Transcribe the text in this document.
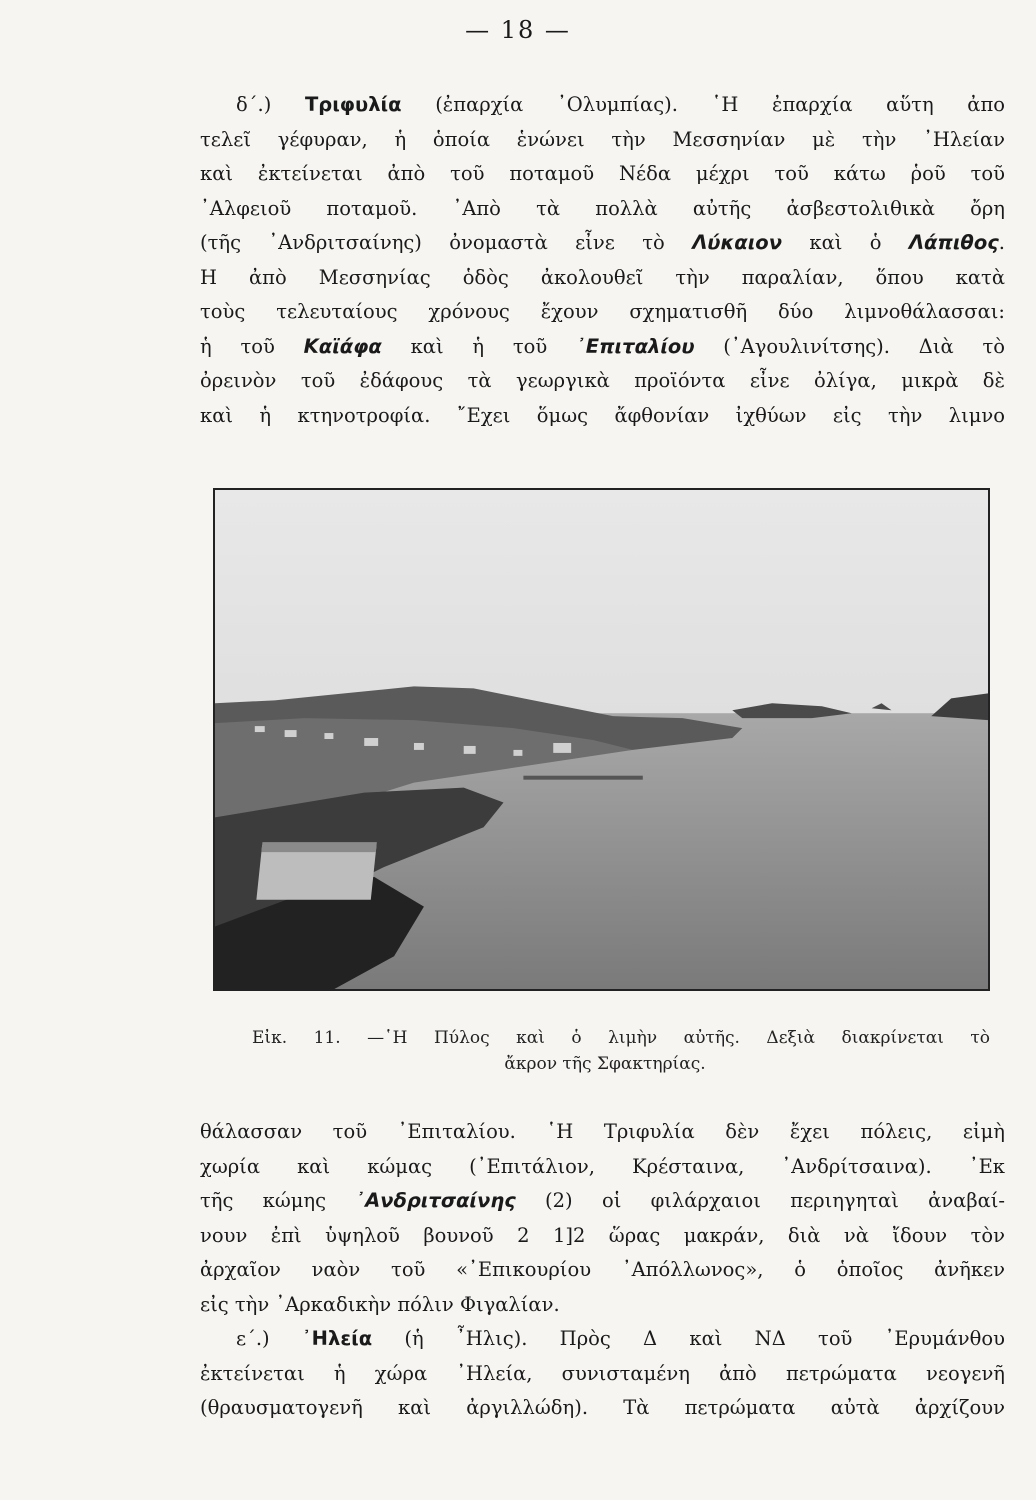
— 18 —
δ΄.) Τριφυλία (ἐπαρχία ᾿Ολυμπίας). ῾Η ἐπαρχία αὕτη ἀπο
τελεῖ γέφυραν, ἡ ὁποία ἑνώνει τὴν Μεσσηνίαν μὲ τὴν ᾿Ηλείαν
καὶ ἐκτείνεται ἀπὸ τοῦ ποταμοῦ Νέδα μέχρι τοῦ κάτω ῥοῦ τοῦ
᾿Αλφειοῦ ποταμοῦ. ᾿Απὸ τὰ πολλὰ αὐτῆς ἀσβεστολιθικὰ ὄρη
(τῆς ᾿Ανδριτσαίνης) ὀνομαστὰ εἶνε τὸ Λύκαιον καὶ ὁ Λάπιθος.
Η ἀπὸ Μεσσηνίας ὁδὸς ἀκολουθεῖ τὴν παραλίαν, ὅπου κατὰ
τοὺς τελευταίους χρόνους ἔχουν σχηματισθῆ δύο λιμνοθάλασσαι:
ἡ τοῦ Καϊάφα καὶ ἡ τοῦ ᾿Επιταλίου (᾿Αγουλινίτσης). Διὰ τὸ
ὀρεινὸν τοῦ ἐδάφους τὰ γεωργικὰ προϊόντα εἶνε ὀλίγα, μικρὰ δὲ
καὶ ἡ κτηνοτροφία. ῎Εχει ὅμως ἄφθονίαν ἰχθύων εἰς τὴν λιμνο
Εἰκ. 11. —῾Η Πύλος καὶ ὁ λιμὴν αὐτῆς. Δεξιὰ διακρίνεται τὸ
ἄκρον τῆς Σφακτηρίας.
θάλασσαν τοῦ ᾿Επιταλίου. ῾Η Τριφυλία δὲν ἔχει πόλεις, εἰμὴ
χωρία καὶ κώμας (᾿Επιτάλιον, Κρέσταινα, ᾿Ανδρίτσαινα). ᾿Εκ
τῆς κώμης ᾿Ανδριτσαίνης (2) οἱ φιλάρχαιοι περιηγηταὶ ἀναβαί-
νουν ἐπὶ ὑψηλοῦ βουνοῦ 2 1]2 ὥρας μακράν, διὰ νὰ ἴδουν τὸν
ἀρχαῖον ναὸν τοῦ «᾿Επικουρίου ᾿Απόλλωνος», ὁ ὁποῖος ἀνῆκεν
εἰς τὴν ᾿Αρκαδικὴν πόλιν Φιγαλίαν.
ε΄.) ᾿Ηλεία (ἡ ῏Ηλις). Πρὸς Δ καὶ ΝΔ τοῦ ᾿Ερυμάνθου
ἐκτείνεται ἡ χώρα ᾿Ηλεία, συνισταμένη ἀπὸ πετρώματα νεογενῆ
(θραυσματογενῆ καὶ ἀργιλλώδη). Τὰ πετρώματα αὐτὰ ἀρχίζουν
